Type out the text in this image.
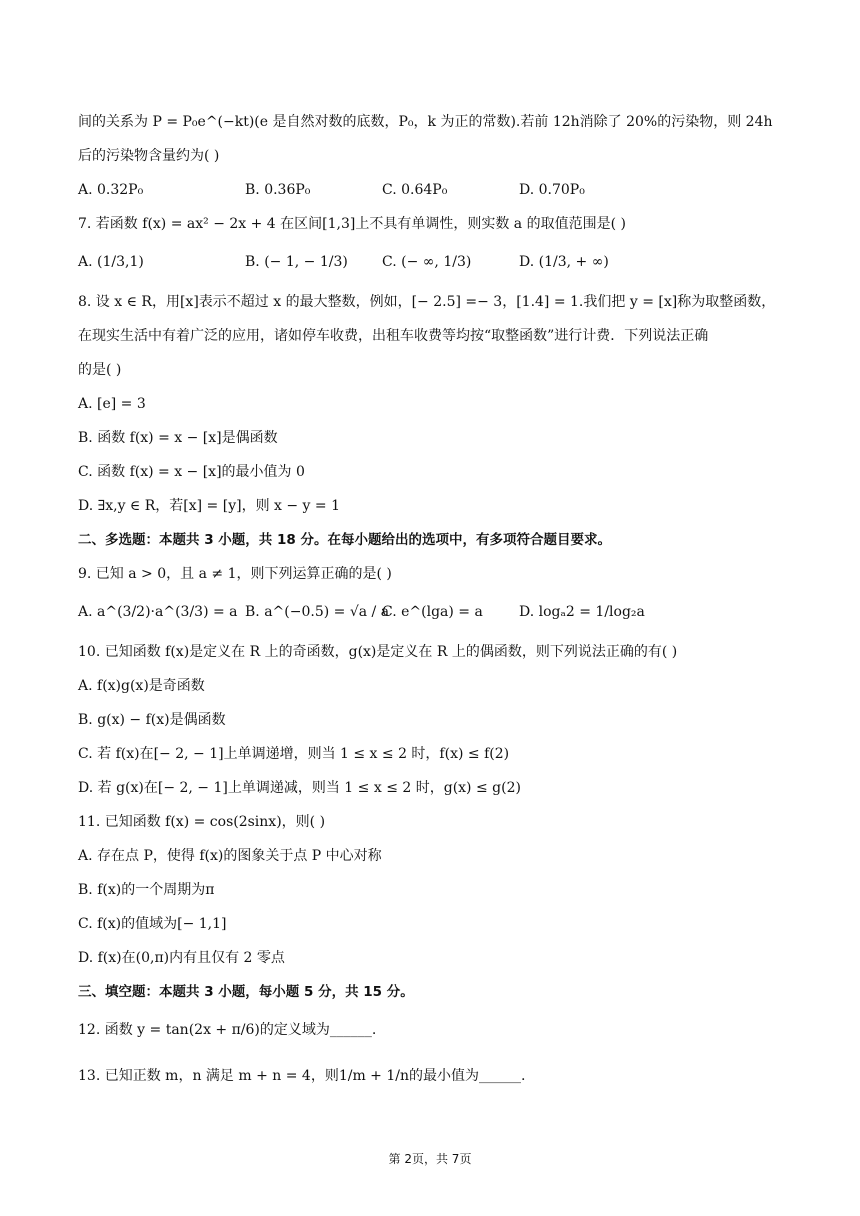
间的关系为 P = P₀e^(−kt)(e 是自然对数的底数，P₀，k 为正的常数).若前 12h消除了 20%的污染物，则 24h
后的污染物含量约为( )
A. 0.32P₀	B. 0.36P₀	C. 0.64P₀	D. 0.70P₀
7. 若函数 f(x) = ax² − 2x + 4 在区间[1,3]上不具有单调性，则实数 a 的取值范围是( )
A. (1/3,1)	B. (− 1, − 1/3) C. (− ∞, 1/3)	D. (1/3, + ∞)
8. 设 x ∈ R，用[x]表示不超过 x 的最大整数，例如，[− 2.5] =− 3，[1.4] = 1.我们把 y = [x]称为取整函数，
在现实生活中有着广泛的应用，诸如停车收费，出租车收费等均按“取整函数”进行计费．下列说法正确
的是( )
A. [e] = 3
B. 函数 f(x) = x − [x]是偶函数
C. 函数 f(x) = x − [x]的最小值为 0
D. ∃x,y ∈ R，若[x] = [y]，则 x − y = 1
二、多选题：本题共 3 小题，共 18 分。在每小题给出的选项中，有多项符合题目要求。
9. 已知 a > 0，且 a ≠ 1，则下列运算正确的是( )
A. a^(3/2)·a^(3/3) = a B. a^(−0.5) = √a / a
C. e^(lga) = a	D. logₐ2 = 1/log₂a
10. 已知函数 f(x)是定义在 R 上的奇函数，g(x)是定义在 R 上的偶函数，则下列说法正确的有( )
A. f(x)g(x)是奇函数
B. g(x) − f(x)是偶函数
C. 若 f(x)在[− 2, − 1]上单调递增，则当 1 ≤ x ≤ 2 时，f(x) ≤ f(2)
D. 若 g(x)在[− 2, − 1]上单调递减，则当 1 ≤ x ≤ 2 时，g(x) ≤ g(2)
11. 已知函数 f(x) = cos(2sinx)，则( )
A. 存在点 P，使得 f(x)的图象关于点 P 中心对称
B. f(x)的一个周期为π
C. f(x)的值域为[− 1,1]
D. f(x)在(0,π)内有且仅有 2 零点
三、填空题：本题共 3 小题，每小题 5 分，共 15 分。
12. 函数 y = tan(2x + π/6)的定义域为______.
13. 已知正数 m，n 满足 m + n = 4，则1/m + 1/n的最小值为______.
第 2页，共 7页
